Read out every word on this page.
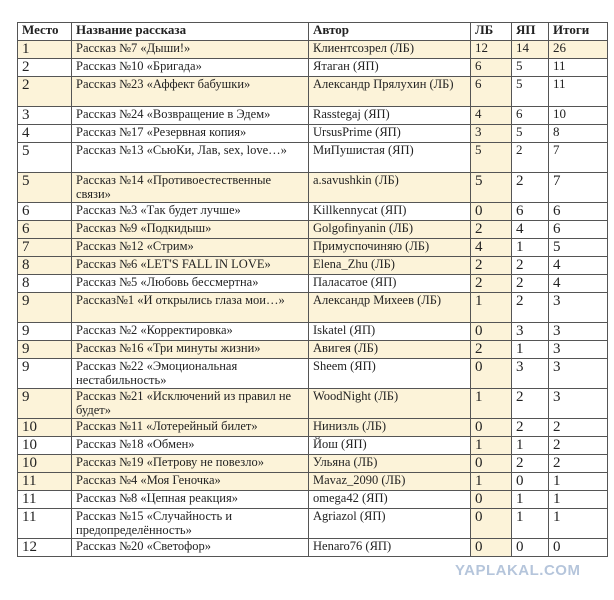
Место	Название рассказа	Автор	ЛБ	ЯП	Итоги
1	Рассказ №7 «Дыши!»	Клиентсозрел (ЛБ)	12	14	26
2	Рассказ №10 «Бригада»	Ятаган (ЯП)	6	5	11
2	Рассказ №23 «Аффект бабушки»	Александр Прялухин (ЛБ)	6	5	11
3	Рассказ №24 «Возвращение в Эдем»	Rasstegaj (ЯП)	4	6	10
4	Рассказ №17 «Резервная копия»	UrsusPrime (ЯП)	3	5	8
5	Рассказ №13 «СьюКи, Лав, sex, love…»	МиПушистая (ЯП)	5	2	7
5	Рассказ №14 «Противоестественные связи»	a.savushkin (ЛБ)	5	2	7
6	Рассказ №3 «Так будет лучше»	Killkennycat (ЯП)	0	6	6
6	Рассказ №9 «Подкидыш»	Golgofinyanin (ЛБ)	2	4	6
7	Рассказ №12 «Стрим»	Примуспочиняю (ЛБ)	4	1	5
8	Рассказ №6 «LET'S FALL IN LOVE»	Elena_Zhu (ЛБ)	2	2	4
8	Рассказ №5 «Любовь бессмертна»	Паласатое (ЯП)	2	2	4
9	Рассказ№1 «И открылись глаза мои…»	Александр Михеев (ЛБ)	1	2	3
9	Рассказ №2 «Корректировка»	Iskatel (ЯП)	0	3	3
9	Рассказ №16 «Три минуты жизни»	Авигея (ЛБ)	2	1	3
9	Рассказ №22 «Эмоциональная нестабильность»	Sheem (ЯП)	0	3	3
9	Рассказ №21 «Исключений из правил не будет»	WoodNight (ЛБ)	1	2	3
10	Рассказ №11 «Лотерейный билет»	Нинизль (ЛБ)	0	2	2
10	Рассказ №18 «Обмен»	Йош (ЯП)	1	1	2
10	Рассказ №19 «Петрову не повезло»	Ульяна (ЛБ)	0	2	2
11	Рассказ №4 «Моя Геночка»	Mavaz_2090 (ЛБ)	1	0	1
11	Рассказ №8 «Цепная реакция»	omega42 (ЯП)	0	1	1
11	Рассказ №15 «Случайность и предопределённость»	Agriazol (ЯП)	0	1	1
12	Рассказ №20 «Светофор»	Henaro76 (ЯП)	0	0	0
YAPLAKAL.COM
